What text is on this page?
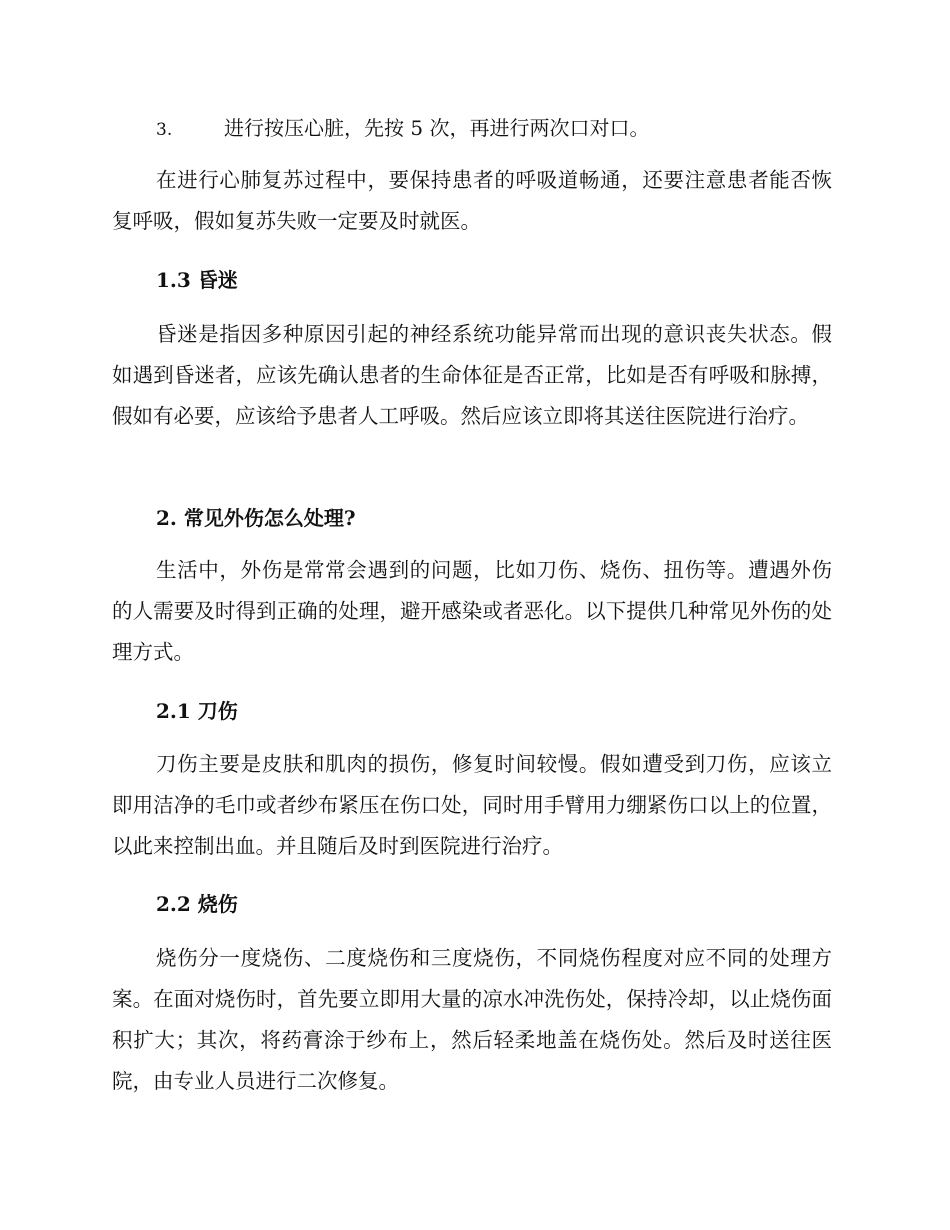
3.	进行按压心脏，先按 5 次，再进行两次口对口。

在进行心肺复苏过程中，要保持患者的呼吸道畅通，还要注意患者能否恢复呼吸，假如复苏失败一定要及时就医。

1.3 昏迷

昏迷是指因多种原因引起的神经系统功能异常而出现的意识丧失状态。假如遇到昏迷者，应该先确认患者的生命体征是否正常，比如是否有呼吸和脉搏，假如有必要，应该给予患者人工呼吸。然后应该立即将其送往医院进行治疗。

2. 常见外伤怎么处理?

生活中，外伤是常常会遇到的问题，比如刀伤、烧伤、扭伤等。遭遇外伤的人需要及时得到正确的处理，避开感染或者恶化。以下提供几种常见外伤的处理方式。

2.1 刀伤

刀伤主要是皮肤和肌肉的损伤，修复时间较慢。假如遭受到刀伤，应该立即用洁净的毛巾或者纱布紧压在伤口处，同时用手臂用力绷紧伤口以上的位置，以此来控制出血。并且随后及时到医院进行治疗。

2.2 烧伤

烧伤分一度烧伤、二度烧伤和三度烧伤，不同烧伤程度对应不同的处理方案。在面对烧伤时，首先要立即用大量的凉水冲洗伤处，保持冷却，以止烧伤面积扩大；其次，将药膏涂于纱布上，然后轻柔地盖在烧伤处。然后及时送往医院，由专业人员进行二次修复。
